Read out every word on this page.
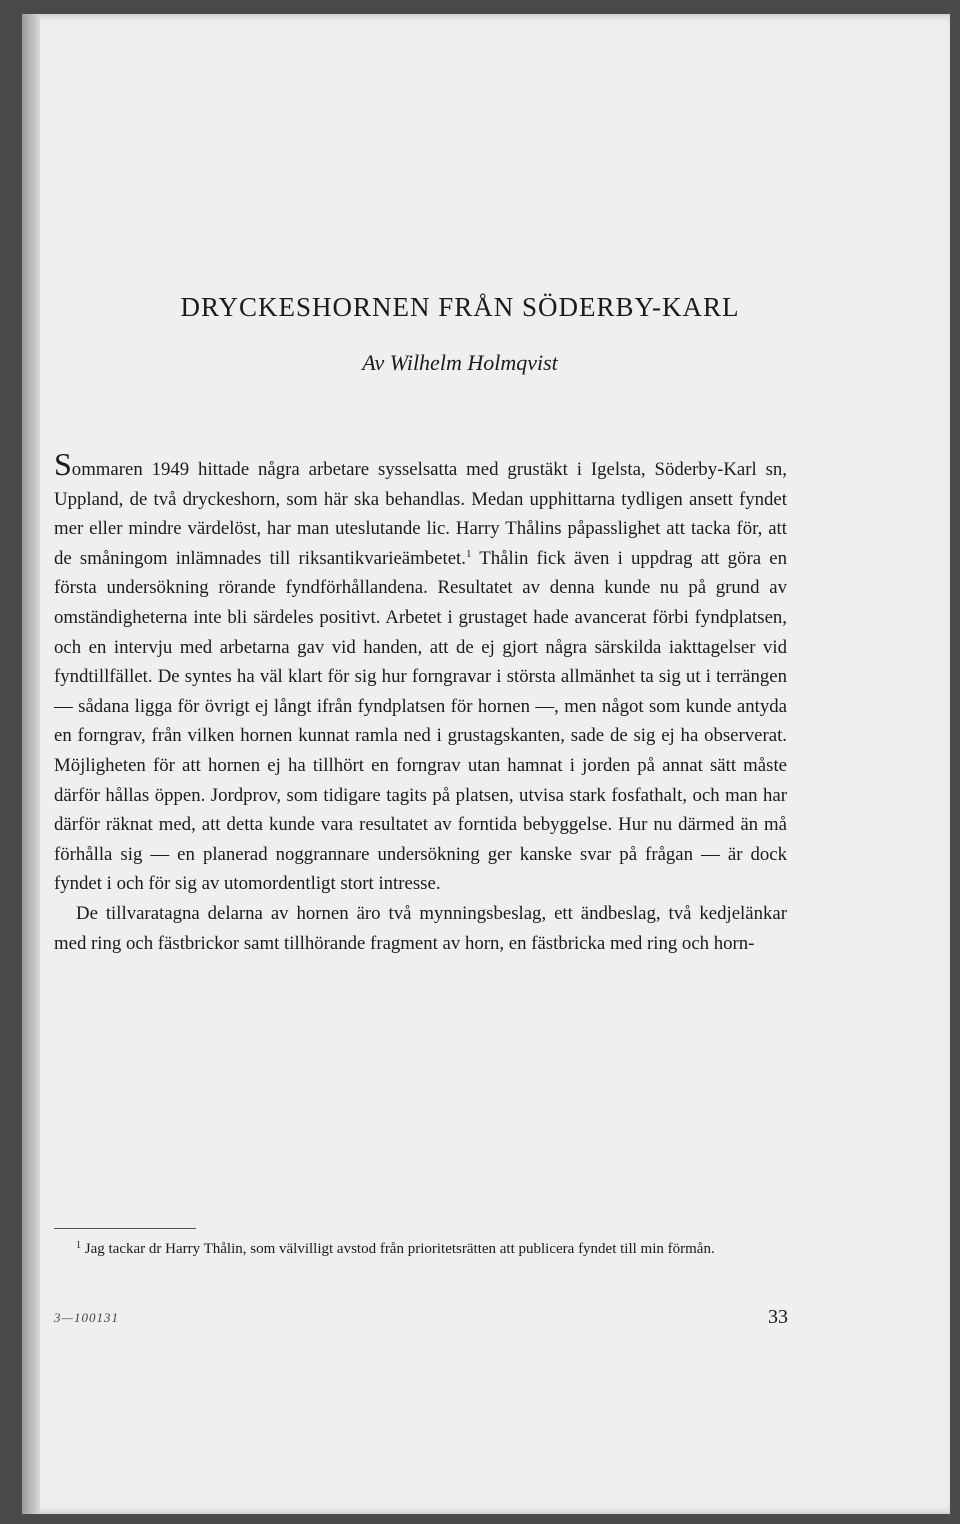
DRYCKESHORNEN FRÅN SÖDERBY-KARL

Av Wilhelm Holmqvist

Sommaren 1949 hittade några arbetare sysselsatta med grustäkt i Igelsta, Söderby-Karl sn, Uppland, de två dryckeshorn, som här ska behandlas. Medan upphittarna tydligen ansett fyndet mer eller mindre värdelöst, har man uteslutande lic. Harry Thålins påpasslighet att tacka för, att de småningom inlämnades till riksantikvarieämbetet.$^1$ Thålin fick även i uppdrag att göra en första undersökning rörande fyndförhållandena. Resultatet av denna kunde nu på grund av omständigheterna inte bli särdeles positivt. Arbetet i grustaget hade avancerat förbi fyndplatsen, och en intervju med arbetarna gav vid handen, att de ej gjort några särskilda iakttagelser vid fyndtillfället. De syntes ha väl klart för sig hur forngravar i största allmänhet ta sig ut i terrängen — sådana ligga för övrigt ej långt ifrån fyndplatsen för hornen —, men något som kunde antyda en forngrav, från vilken hornen kunnat ramla ned i grustagskanten, sade de sig ej ha observerat. Möjligheten för att hornen ej ha tillhört en forngrav utan hamnat i jorden på annat sätt måste därför hållas öppen. Jordprov, som tidigare tagits på platsen, utvisa stark fosfathalt, och man har därför räknat med, att detta kunde vara resultatet av forntida bebyggelse. Hur nu därmed än må förhålla sig — en planerad noggrannare undersökning ger kanske svar på frågan — är dock fyndet i och för sig av utomordentligt stort intresse.

De tillvaratagna delarna av hornen äro två mynningsbeslag, ett ändbeslag, två kedjelänkar med ring och fästbrickor samt tillhörande fragment av horn, en fästbricka med ring och horn-

$^1$ Jag tackar dr Harry Thålin, som välvilligt avstod från prioritetsrätten att publicera fyndet till min förmån.

3—100131	33
